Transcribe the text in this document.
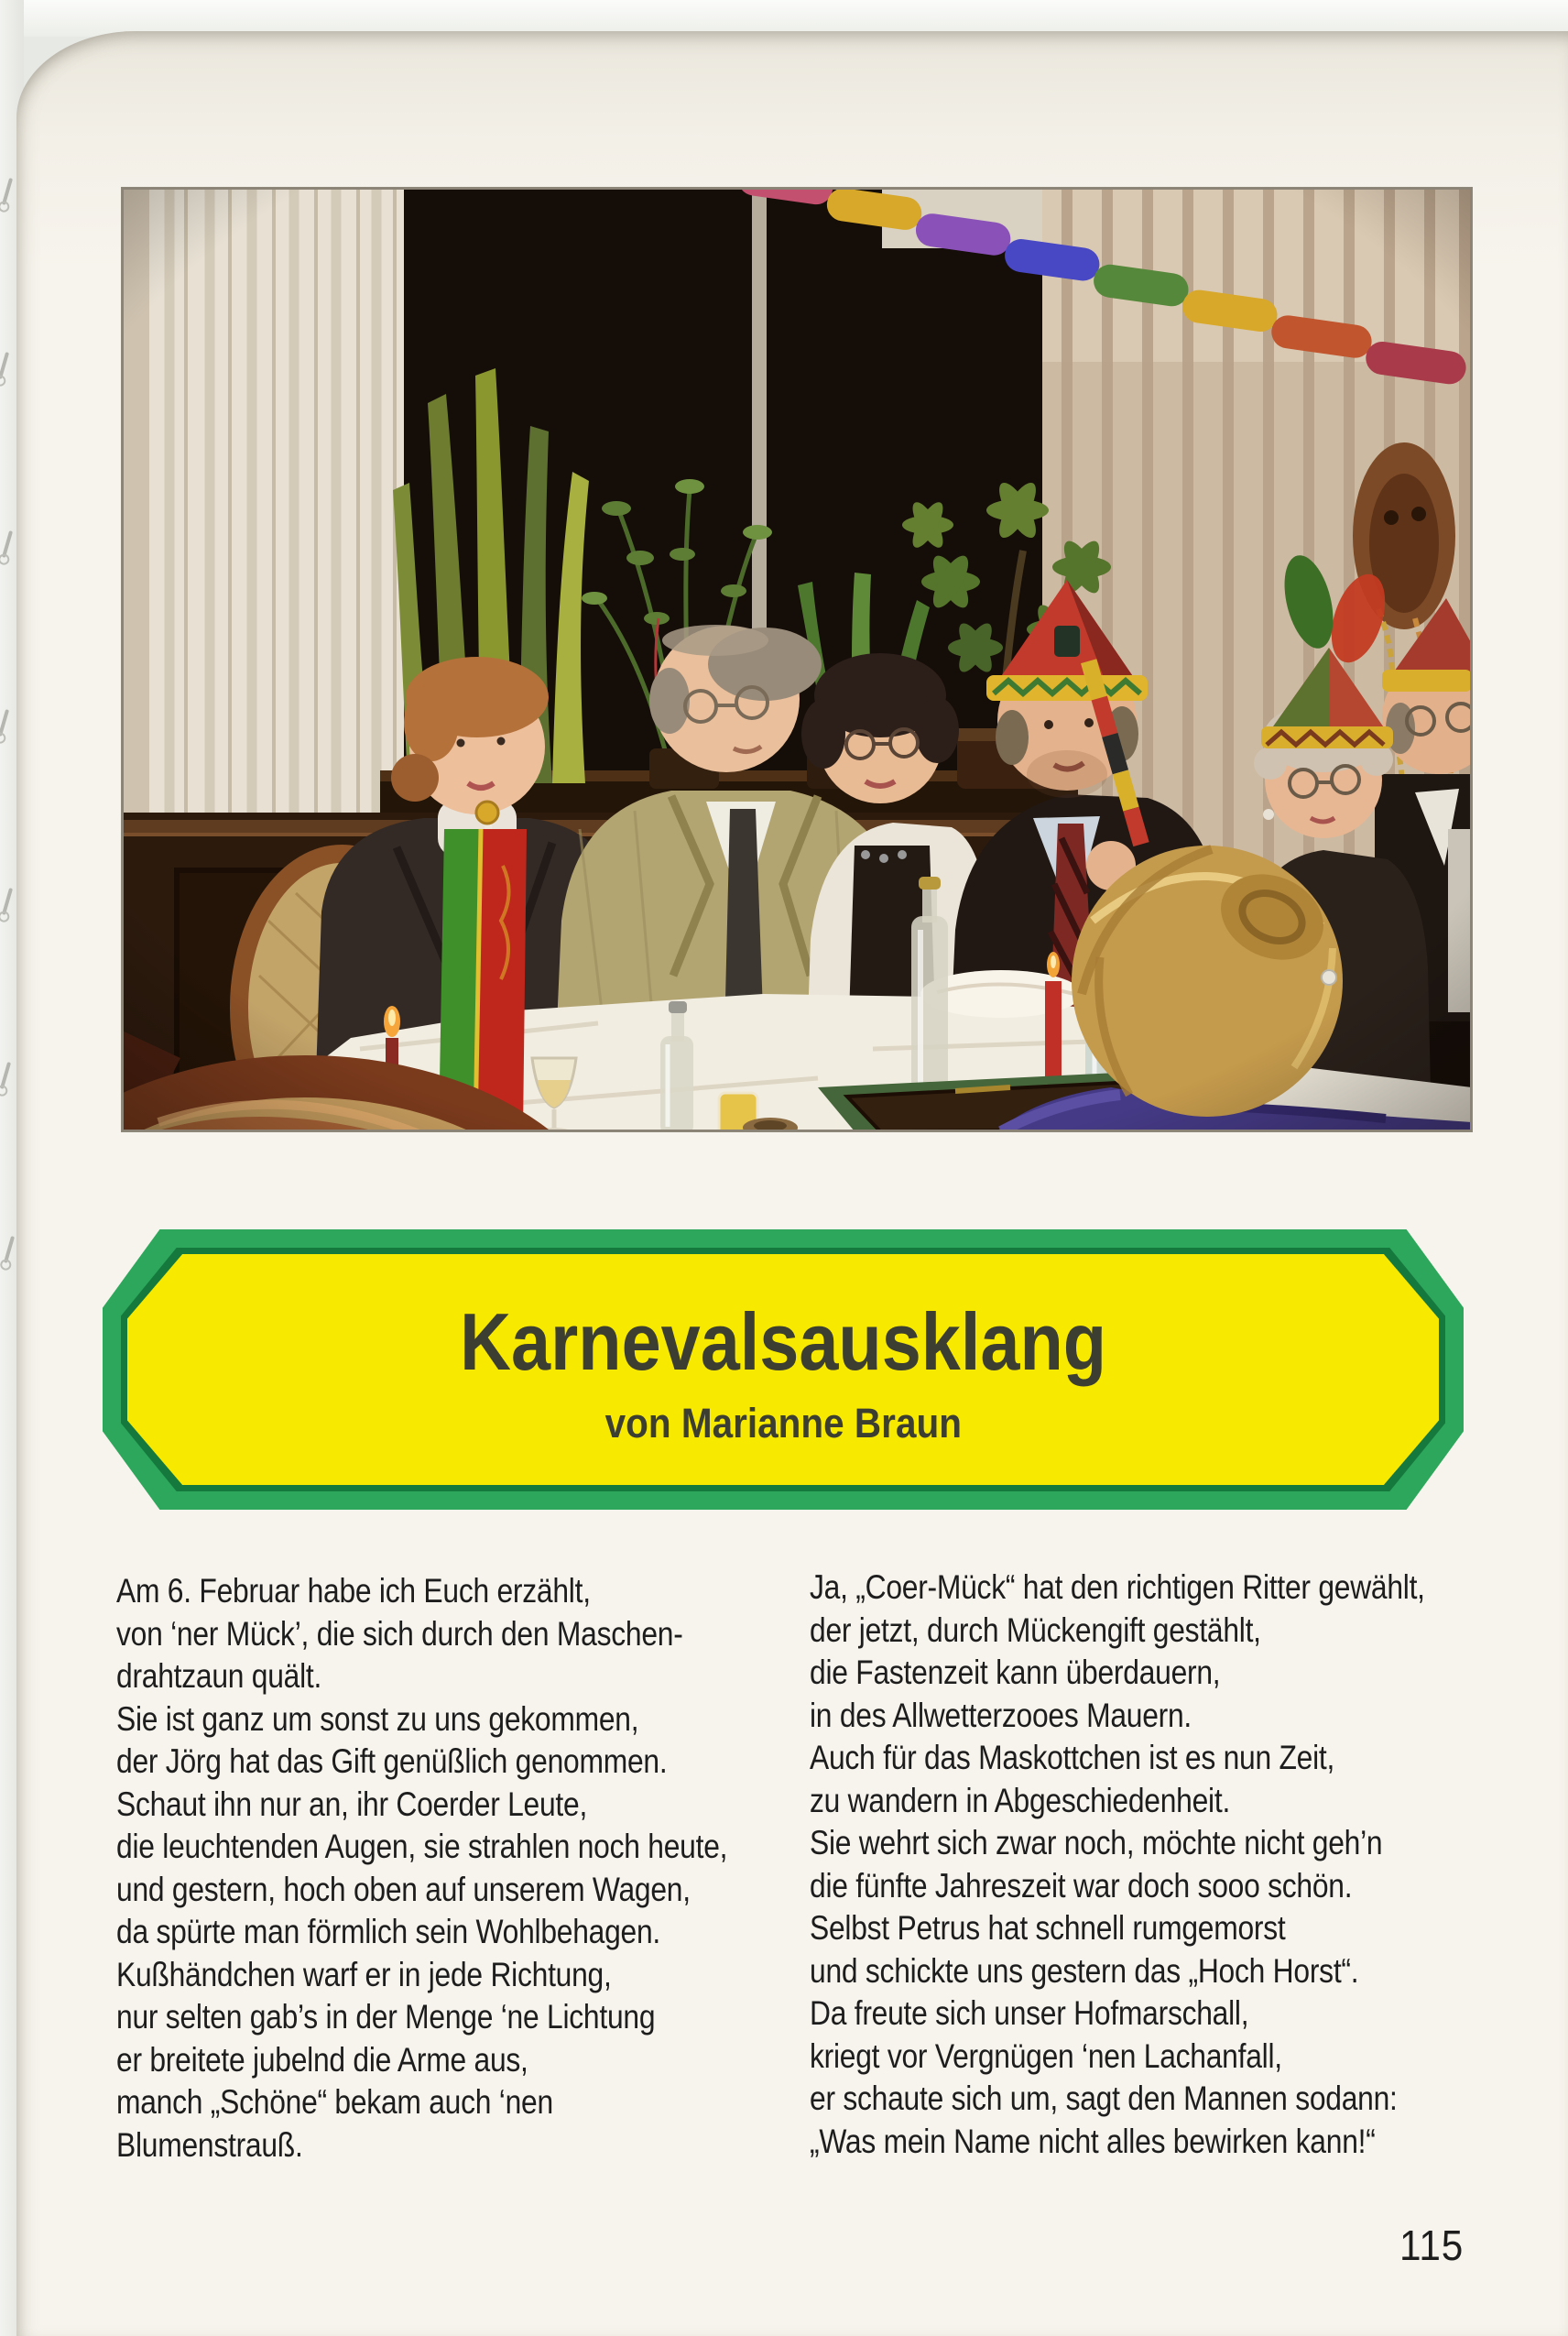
Karnevalsausklang
von Marianne Braun
Am 6. Februar habe ich Euch erzählt,
von ‘ner Mück’, die sich durch den Maschen-
drahtzaun quält.
Sie ist ganz um sonst zu uns gekommen,
der Jörg hat das Gift genüßlich genommen.
Schaut ihn nur an, ihr Coerder Leute,
die leuchtenden Augen, sie strahlen noch heute,
und gestern, hoch oben auf unserem Wagen,
da spürte man förmlich sein Wohlbehagen.
Kußhändchen warf er in jede Richtung,
nur selten gab’s in der Menge ‘ne Lichtung
er breitete jubelnd die Arme aus,
manch „Schöne“ bekam auch ‘nen
Blumenstrauß.
Ja, „Coer-Mück“ hat den richtigen Ritter gewählt,
der jetzt, durch Mückengift gestählt,
die Fastenzeit kann überdauern,
in des Allwetterzooes Mauern.
Auch für das Maskottchen ist es nun Zeit,
zu wandern in Abgeschiedenheit.
Sie wehrt sich zwar noch, möchte nicht geh’n
die fünfte Jahreszeit war doch sooo schön.
Selbst Petrus hat schnell rumgemorst
und schickte uns gestern das „Hoch Horst“.
Da freute sich unser Hofmarschall,
kriegt vor Vergnügen ‘nen Lachanfall,
er schaute sich um, sagt den Mannen sodann:
„Was mein Name nicht alles bewirken kann!“
115
